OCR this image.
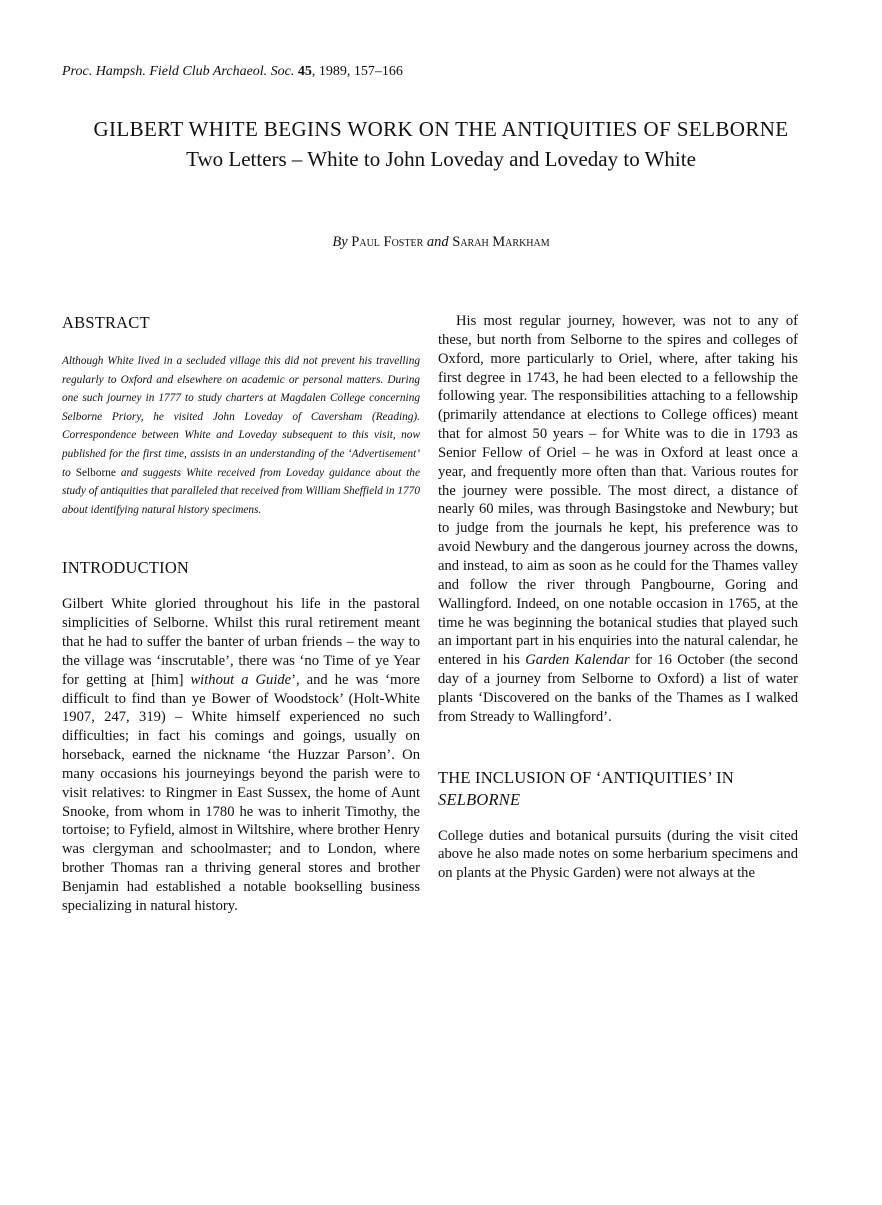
Proc. Hampsh. Field Club Archaeol. Soc. 45, 1989, 157–166
GILBERT WHITE BEGINS WORK ON THE ANTIQUITIES OF SELBORNE
Two Letters – White to John Loveday and Loveday to White
By Paul Foster and Sarah Markham
ABSTRACT

Although White lived in a secluded village this did not prevent his travelling regularly to Oxford and elsewhere on academic or personal matters. During one such journey in 1777 to study charters at Magdalen College concerning Selborne Priory, he visited John Loveday of Caversham (Reading). Correspondence between White and Loveday subsequent to this visit, now published for the first time, assists in an understanding of the ‘Advertisement’ to Selborne and suggests White received from Loveday guidance about the study of antiquities that paralleled that received from William Sheffield in 1770 about identifying natural history specimens.

INTRODUCTION

Gilbert White gloried throughout his life in the pastoral simplicities of Selborne. Whilst this rural retirement meant that he had to suffer the banter of urban friends – the way to the village was ‘inscrutable’, there was ‘no Time of ye Year for getting at [him] without a Guide’, and he was ‘more difficult to find than ye Bower of Woodstock’ (Holt-White 1907, 247, 319) – White himself experienced no such difficulties; in fact his comings and goings, usually on horseback, earned the nickname ‘the Huzzar Parson’. On many occasions his journeyings beyond the parish were to visit relatives: to Ringmer in East Sussex, the home of Aunt Snooke, from whom in 1780 he was to inherit Timothy, the tortoise; to Fyfield, almost in Wiltshire, where brother Henry was clergyman and schoolmaster; and to London, where brother Thomas ran a thriving general stores and brother Benjamin had established a notable bookselling business specializing in natural history.

His most regular journey, however, was not to any of these, but north from Selborne to the spires and colleges of Oxford, more particularly to Oriel, where, after taking his first degree in 1743, he had been elected to a fellowship the following year. The responsibilities attaching to a fellowship (primarily attendance at elections to College offices) meant that for almost 50 years – for White was to die in 1793 as Senior Fellow of Oriel – he was in Oxford at least once a year, and frequently more often than that. Various routes for the journey were possible. The most direct, a distance of nearly 60 miles, was through Basingstoke and Newbury; but to judge from the journals he kept, his preference was to avoid Newbury and the dangerous journey across the downs, and instead, to aim as soon as he could for the Thames valley and follow the river through Pangbourne, Goring and Wallingford. Indeed, on one notable occasion in 1765, at the time he was beginning the botanical studies that played such an important part in his enquiries into the natural calendar, he entered in his Garden Kalendar for 16 October (the second day of a journey from Selborne to Oxford) a list of water plants ‘Discovered on the banks of the Thames as I walked from Stready to Wallingford’.

THE INCLUSION OF ‘ANTIQUITIES’ IN
SELBORNE

College duties and botanical pursuits (during the visit cited above he also made notes on some herbarium specimens and on plants at the Physic Garden) were not always at the
